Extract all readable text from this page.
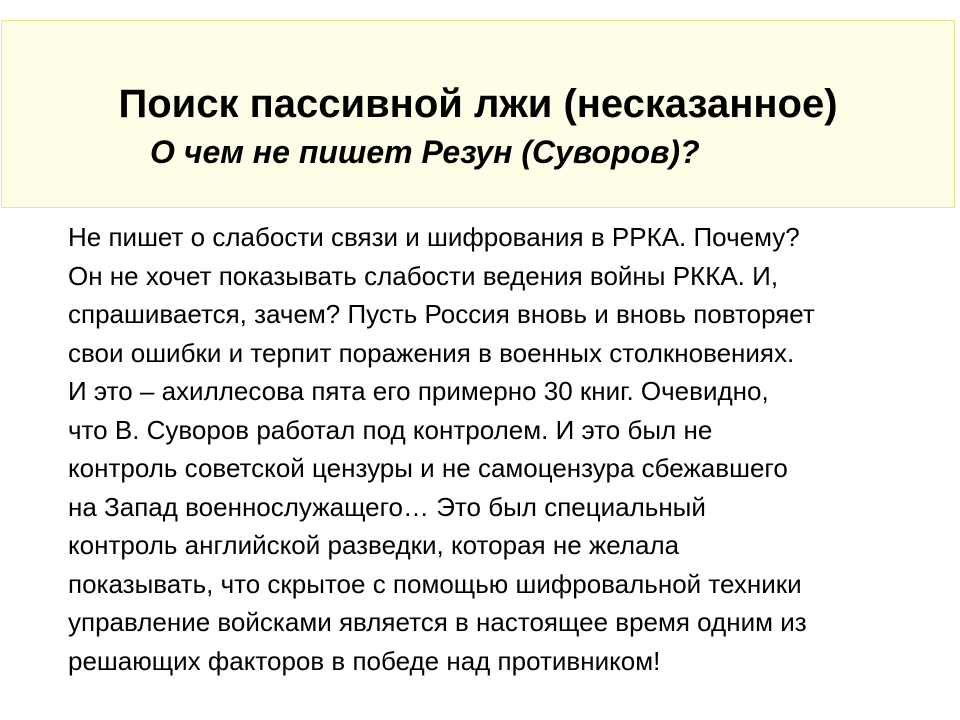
Поиск пассивной лжи (несказанное)
О чем не пишет Резун (Суворов)?
Не пишет о слабости связи и шифрования в РРКА. Почему?
Он не хочет показывать слабости ведения войны РККА. И,
спрашивается, зачем? Пусть Россия вновь и вновь повторяет
свои ошибки и терпит поражения в военных столкновениях.
И это – ахиллесова пята его примерно 30 книг. Очевидно,
что В. Суворов работал под контролем. И это был не
контроль советской цензуры и не самоцензура сбежавшего
на Запад военнослужащего… Это был специальный
контроль английской разведки, которая не желала
показывать, что скрытое с помощью шифровальной техники
управление войсками является в настоящее время одним из
решающих факторов в победе над противником!
